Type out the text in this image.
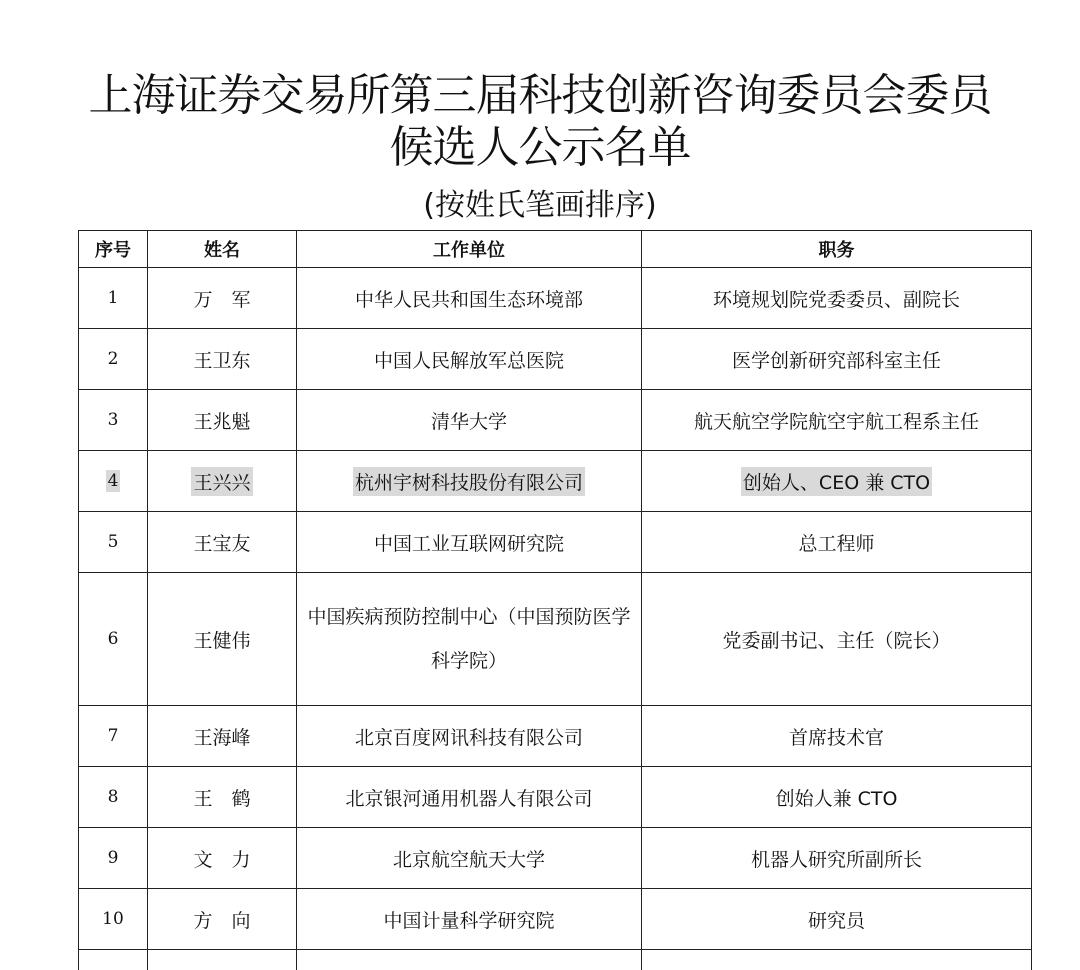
上海证券交易所第三届科技创新咨询委员会委员
候选人公示名单
(按姓氏笔画排序)
序号	姓名	工作单位	职务
1	万　军	中华人民共和国生态环境部	环境规划院党委委员、副院长
2	王卫东	中国人民解放军总医院	医学创新研究部科室主任
3	王兆魁	清华大学	航天航空学院航空宇航工程系主任
4	王兴兴	杭州宇树科技股份有限公司	创始人、CEO 兼 CTO
5	王宝友	中国工业互联网研究院	总工程师
6	王健伟	中国疾病预防控制中心（中国预防医学科学院）	党委副书记、主任（院长）
7	王海峰	北京百度网讯科技有限公司	首席技术官
8	王　鹤	北京银河通用机器人有限公司	创始人兼 CTO
9	文　力	北京航空航天大学	机器人研究所副所长
10	方　向	中国计量科学研究院	研究员
